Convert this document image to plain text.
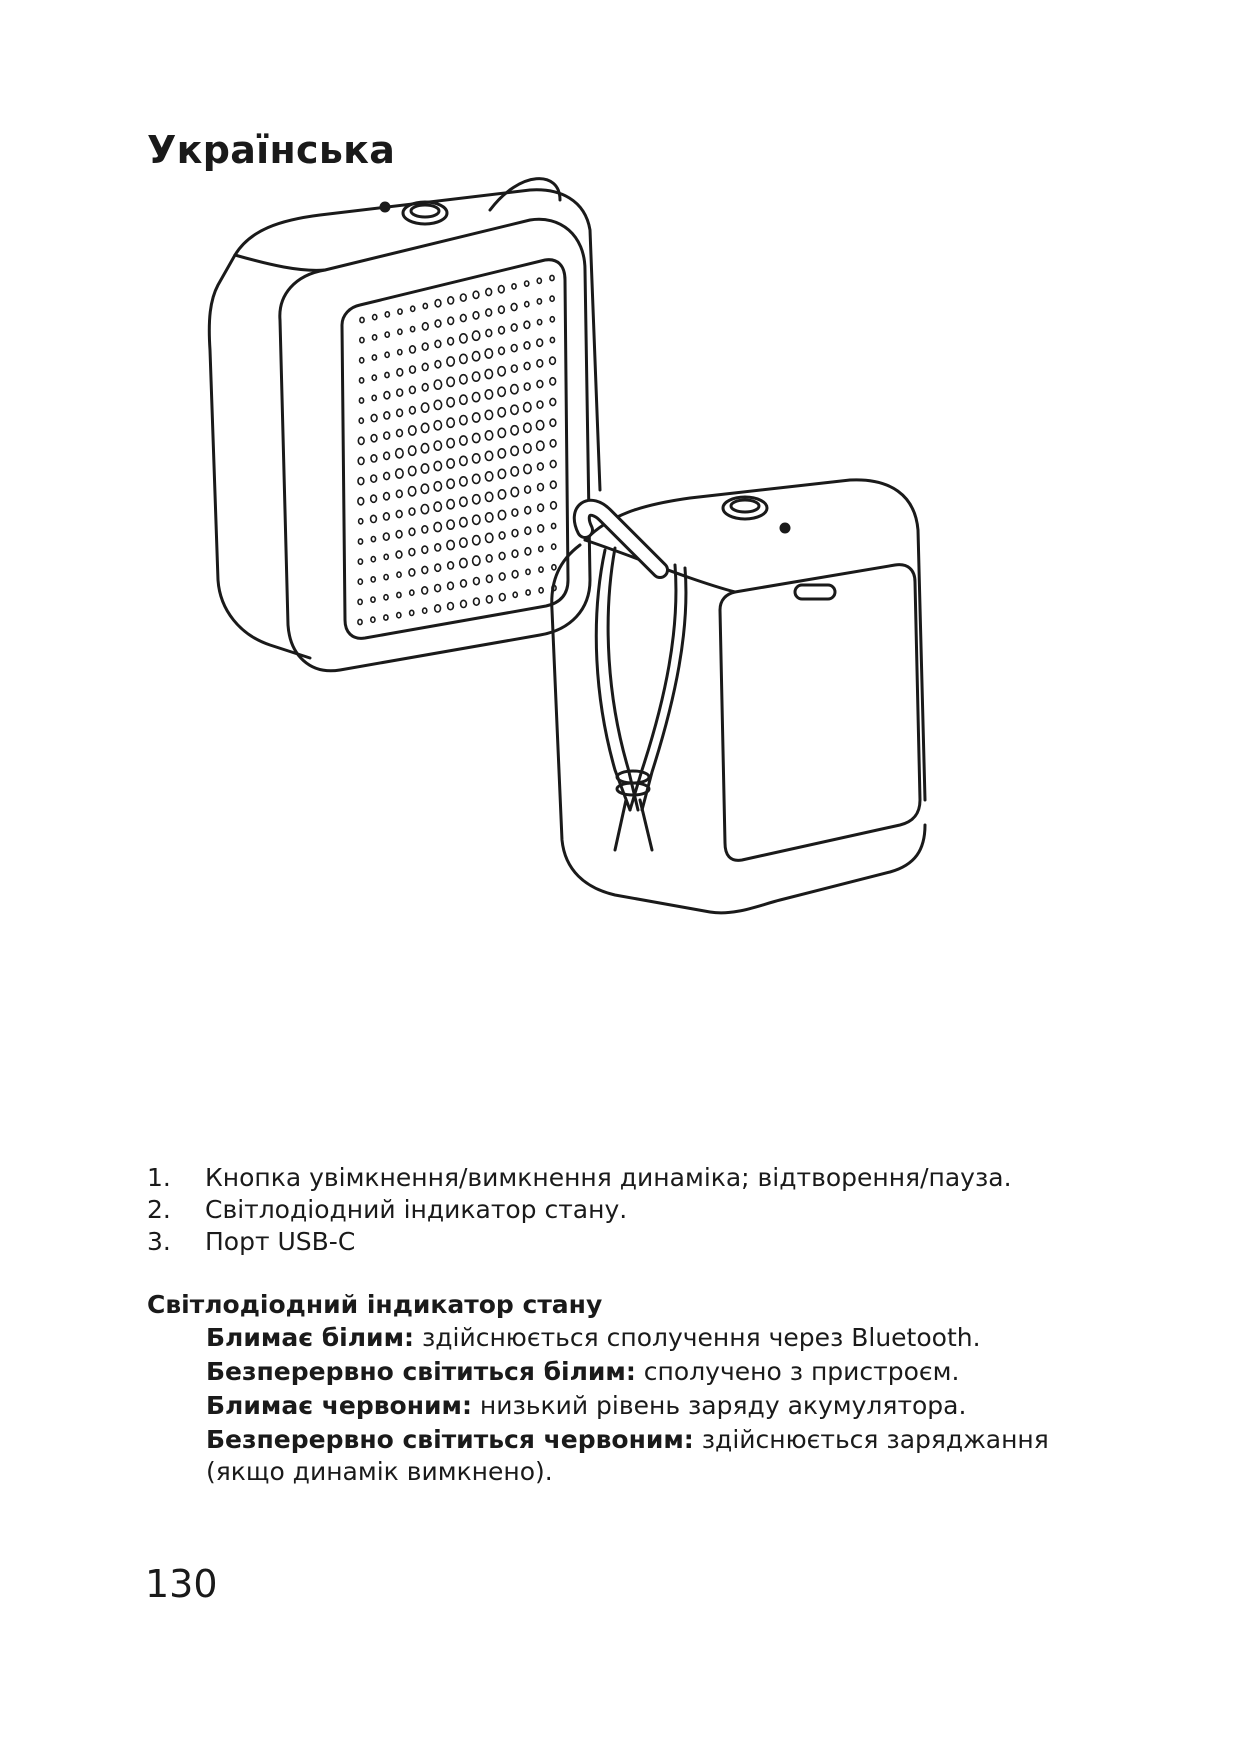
Українська
1.	Кнопка увімкнення/вимкнення динаміка; відтворення/пауза.
2.	Світлодіодний індикатор стану.
3.	Порт USB-C
Світлодіодний індикатор стану
Блимає білим: здійснюється сполучення через Bluetooth.
Безперервно світиться білим: сполучено з пристроєм.
Блимає червоним: низький рівень заряду акумулятора.
Безперервно світиться червоним: здійснюється заряджання (якщо динамік вимкнено).

130
